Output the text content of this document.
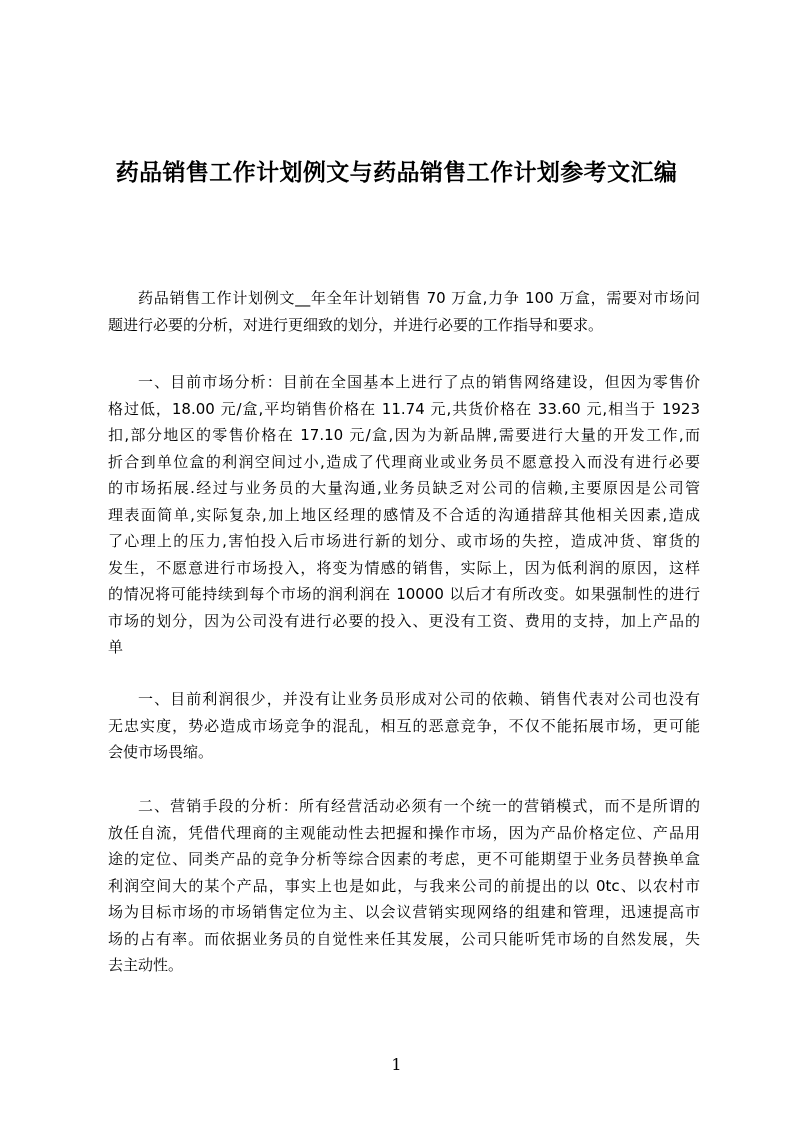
药品销售工作计划例文与药品销售工作计划参考文汇编
药品销售工作计划例文__年全年计划销售 70 万盒,力争 100 万盒，需要对市场问
题进行必要的分析，对进行更细致的划分，并进行必要的工作指导和要求。
一、目前市场分析：目前在全国基本上进行了点的销售网络建设，但因为零售价
格过低，18.00 元/盒,平均销售价格在 11.74 元,共货价格在 33.60 元,相当于 1923
扣,部分地区的零售价格在 17.10 元/盒,因为为新品牌,需要进行大量的开发工作,而
折合到单位盒的利润空间过小,造成了代理商业或业务员不愿意投入而没有进行必要
的市场拓展.经过与业务员的大量沟通,业务员缺乏对公司的信赖,主要原因是公司管
理表面简单,实际复杂,加上地区经理的感情及不合适的沟通措辞其他相关因素,造成
了心理上的压力,害怕投入后市场进行新的划分、或市场的失控，造成冲货、窜货的
发生，不愿意进行市场投入，将变为情感的销售，实际上，因为低利润的原因，这样
的情况将可能持续到每个市场的润利润在 10000 以后才有所改变。如果强制性的进行
市场的划分，因为公司没有进行必要的投入、更没有工资、费用的支持，加上产品的
单
一、目前利润很少，并没有让业务员形成对公司的依赖、销售代表对公司也没有
无忠实度，势必造成市场竞争的混乱，相互的恶意竞争，不仅不能拓展市场，更可能
会使市场畏缩。
二、营销手段的分析：所有经营活动必须有一个统一的营销模式，而不是所谓的
放任自流，凭借代理商的主观能动性去把握和操作市场，因为产品价格定位、产品用
途的定位、同类产品的竞争分析等综合因素的考虑，更不可能期望于业务员替换单盒
利润空间大的某个产品，事实上也是如此，与我来公司的前提出的以 0tc、以农村市
场为目标市场的市场销售定位为主、以会议营销实现网络的组建和管理，迅速提高市
场的占有率。而依据业务员的自觉性来任其发展，公司只能听凭市场的自然发展，失
去主动性。
1
